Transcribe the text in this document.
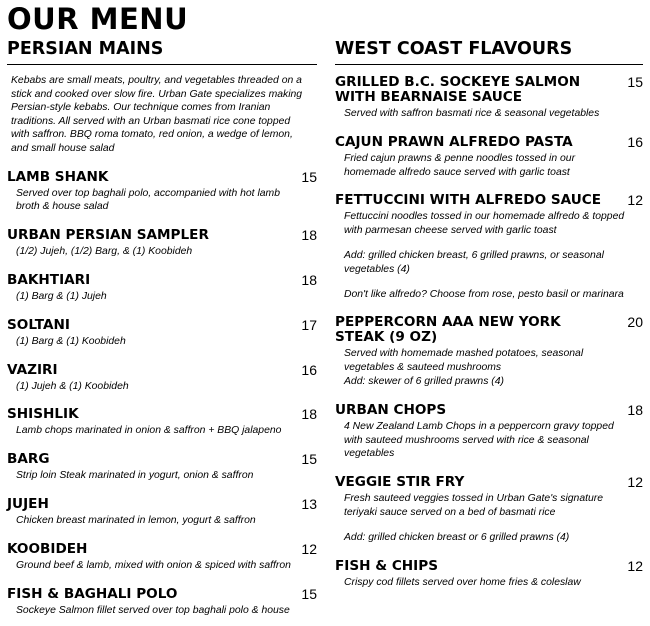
OUR MENU
PERSIAN MAINS
Kebabs are small meats, poultry, and vegetables threaded on a stick and cooked over slow fire. Urban Gate specializes making Persian-style kebabs. Our technique comes from Iranian traditions. All served with an Urban basmati rice cone topped with saffron. BBQ roma tomato, red onion, a wedge of lemon, and small house salad
LAMB SHANK	15
Served over top baghali polo, accompanied with hot lamb broth & house salad
URBAN PERSIAN SAMPLER	18
(1/2) Jujeh, (1/2) Barg, & (1) Koobideh
BAKHTIARI	18
(1) Barg & (1) Jujeh
SOLTANI	17
(1) Barg & (1) Koobideh
VAZIRI	16
(1) Jujeh & (1) Koobideh
SHISHLIK	18
Lamb chops marinated in onion & saffron + BBQ jalapeno
BARG	15
Strip loin Steak marinated in yogurt, onion & saffron
JUJEH	13
Chicken breast marinated in lemon, yogurt & saffron
KOOBIDEH	12
Ground beef & lamb, mixed with onion & spiced with saffron
FISH & BAGHALI POLO	15
Sockeye Salmon fillet served over top baghali polo & house
WEST COAST FLAVOURS
GRILLED B.C. SOCKEYE SALMON WITH BEARNAISE SAUCE
15
Served with saffron basmati rice & seasonal vegetables
CAJUN PRAWN ALFREDO PASTA	16
Fried cajun prawns & penne noodles tossed in our homemade alfredo sauce served with garlic toast
FETTUCCINI WITH ALFREDO SAUCE	12
Fettuccini noodles tossed in our homemade alfredo & topped with parmesan cheese served with garlic toast
Add: grilled chicken breast, 6 grilled prawns, or seasonal vegetables (4)
Don't like alfredo? Choose from rose, pesto basil or marinara
PEPPERCORN AAA NEW YORK STEAK (9 OZ)
20
Served with homemade mashed potatoes, seasonal vegetables & sauteed mushrooms
Add: skewer of 6 grilled prawns (4)
URBAN CHOPS	18
4 New Zealand Lamb Chops in a peppercorn gravy topped with sauteed mushrooms served with rice & seasonal vegetables
VEGGIE STIR FRY	12
Fresh sauteed veggies tossed in Urban Gate's signature teriyaki sauce served on a bed of basmati rice
Add: grilled chicken breast or 6 grilled prawns (4)
FISH & CHIPS	12
Crispy cod fillets served over home fries & coleslaw
